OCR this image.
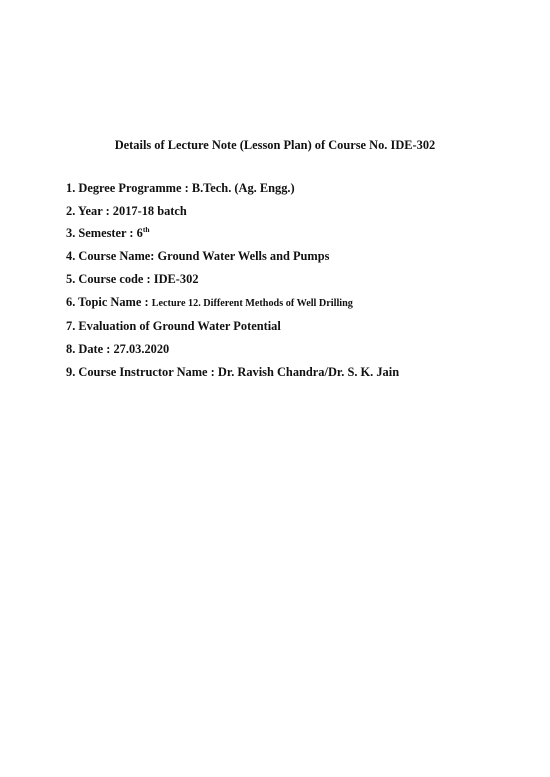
Details of Lecture Note (Lesson Plan) of Course No. IDE-302
1. Degree Programme : B.Tech. (Ag. Engg.)
2. Year : 2017-18 batch
3. Semester : 6th
4. Course Name: Ground Water Wells and Pumps
5. Course code : IDE-302
6. Topic Name : Lecture 12. Different Methods of Well Drilling
7. Evaluation of Ground Water Potential
8. Date : 27.03.2020
9. Course Instructor Name : Dr. Ravish Chandra/Dr. S. K. Jain
